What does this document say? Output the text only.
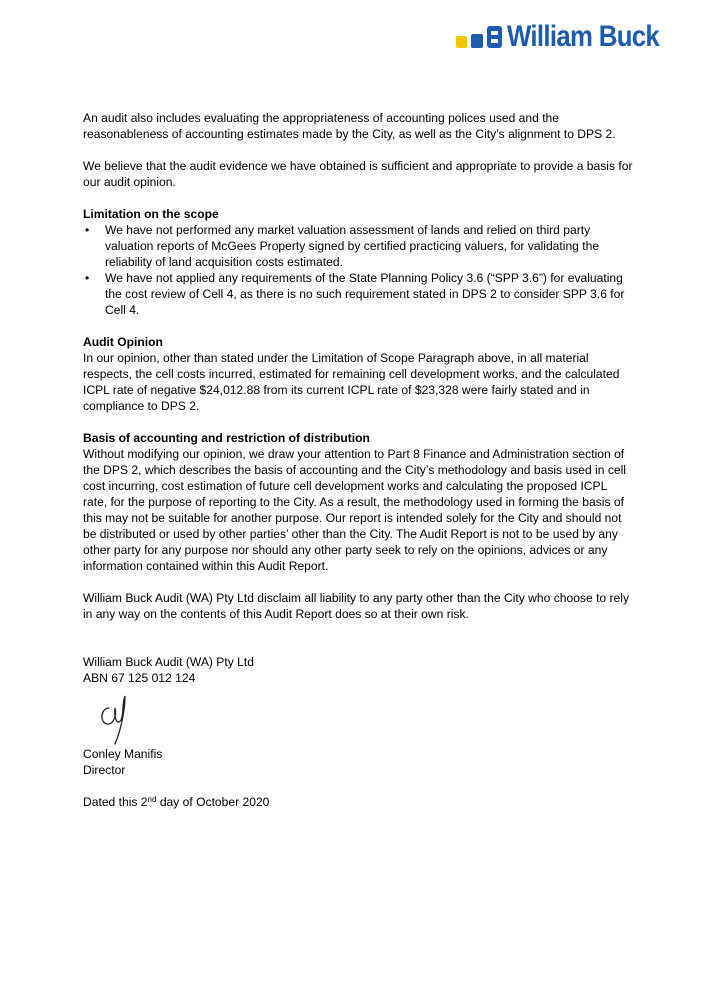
William Buck

An audit also includes evaluating the appropriateness of accounting polices used and the reasonableness of accounting estimates made by the City, as well as the City’s alignment to DPS 2.

We believe that the audit evidence we have obtained is sufficient and appropriate to provide a basis for our audit opinion.

Limitation on the scope

• We have not performed any market valuation assessment of lands and relied on third party valuation reports of McGees Property signed by certified practicing valuers, for validating the reliability of land acquisition costs estimated.
• We have not applied any requirements of the State Planning Policy 3.6 (“SPP 3.6”) for evaluating the cost review of Cell 4, as there is no such requirement stated in DPS 2 to consider SPP 3.6 for Cell 4.

Audit Opinion

In our opinion, other than stated under the Limitation of Scope Paragraph above, in all material respects, the cell costs incurred, estimated for remaining cell development works, and the calculated ICPL rate of negative $24,012.88 from its current ICPL rate of $23,328 were fairly stated and in compliance to DPS 2.

Basis of accounting and restriction of distribution

Without modifying our opinion, we draw your attention to Part 8 Finance and Administration section of the DPS 2, which describes the basis of accounting and the City’s methodology and basis used in cell cost incurring, cost estimation of future cell development works and calculating the proposed ICPL rate, for the purpose of reporting to the City. As a result, the methodology used in forming the basis of this may not be suitable for another purpose. Our report is intended solely for the City and should not be distributed or used by other parties’ other than the City. The Audit Report is not to be used by any other party for any purpose nor should any other party seek to rely on the opinions, advices or any information contained within this Audit Report.

William Buck Audit (WA) Pty Ltd disclaim all liability to any party other than the City who choose to rely in any way on the contents of this Audit Report does so at their own risk.

William Buck Audit (WA) Pty Ltd

ABN 67 125 012 124

Conley Manifis

Director

Dated this 2nd day of October 2020
